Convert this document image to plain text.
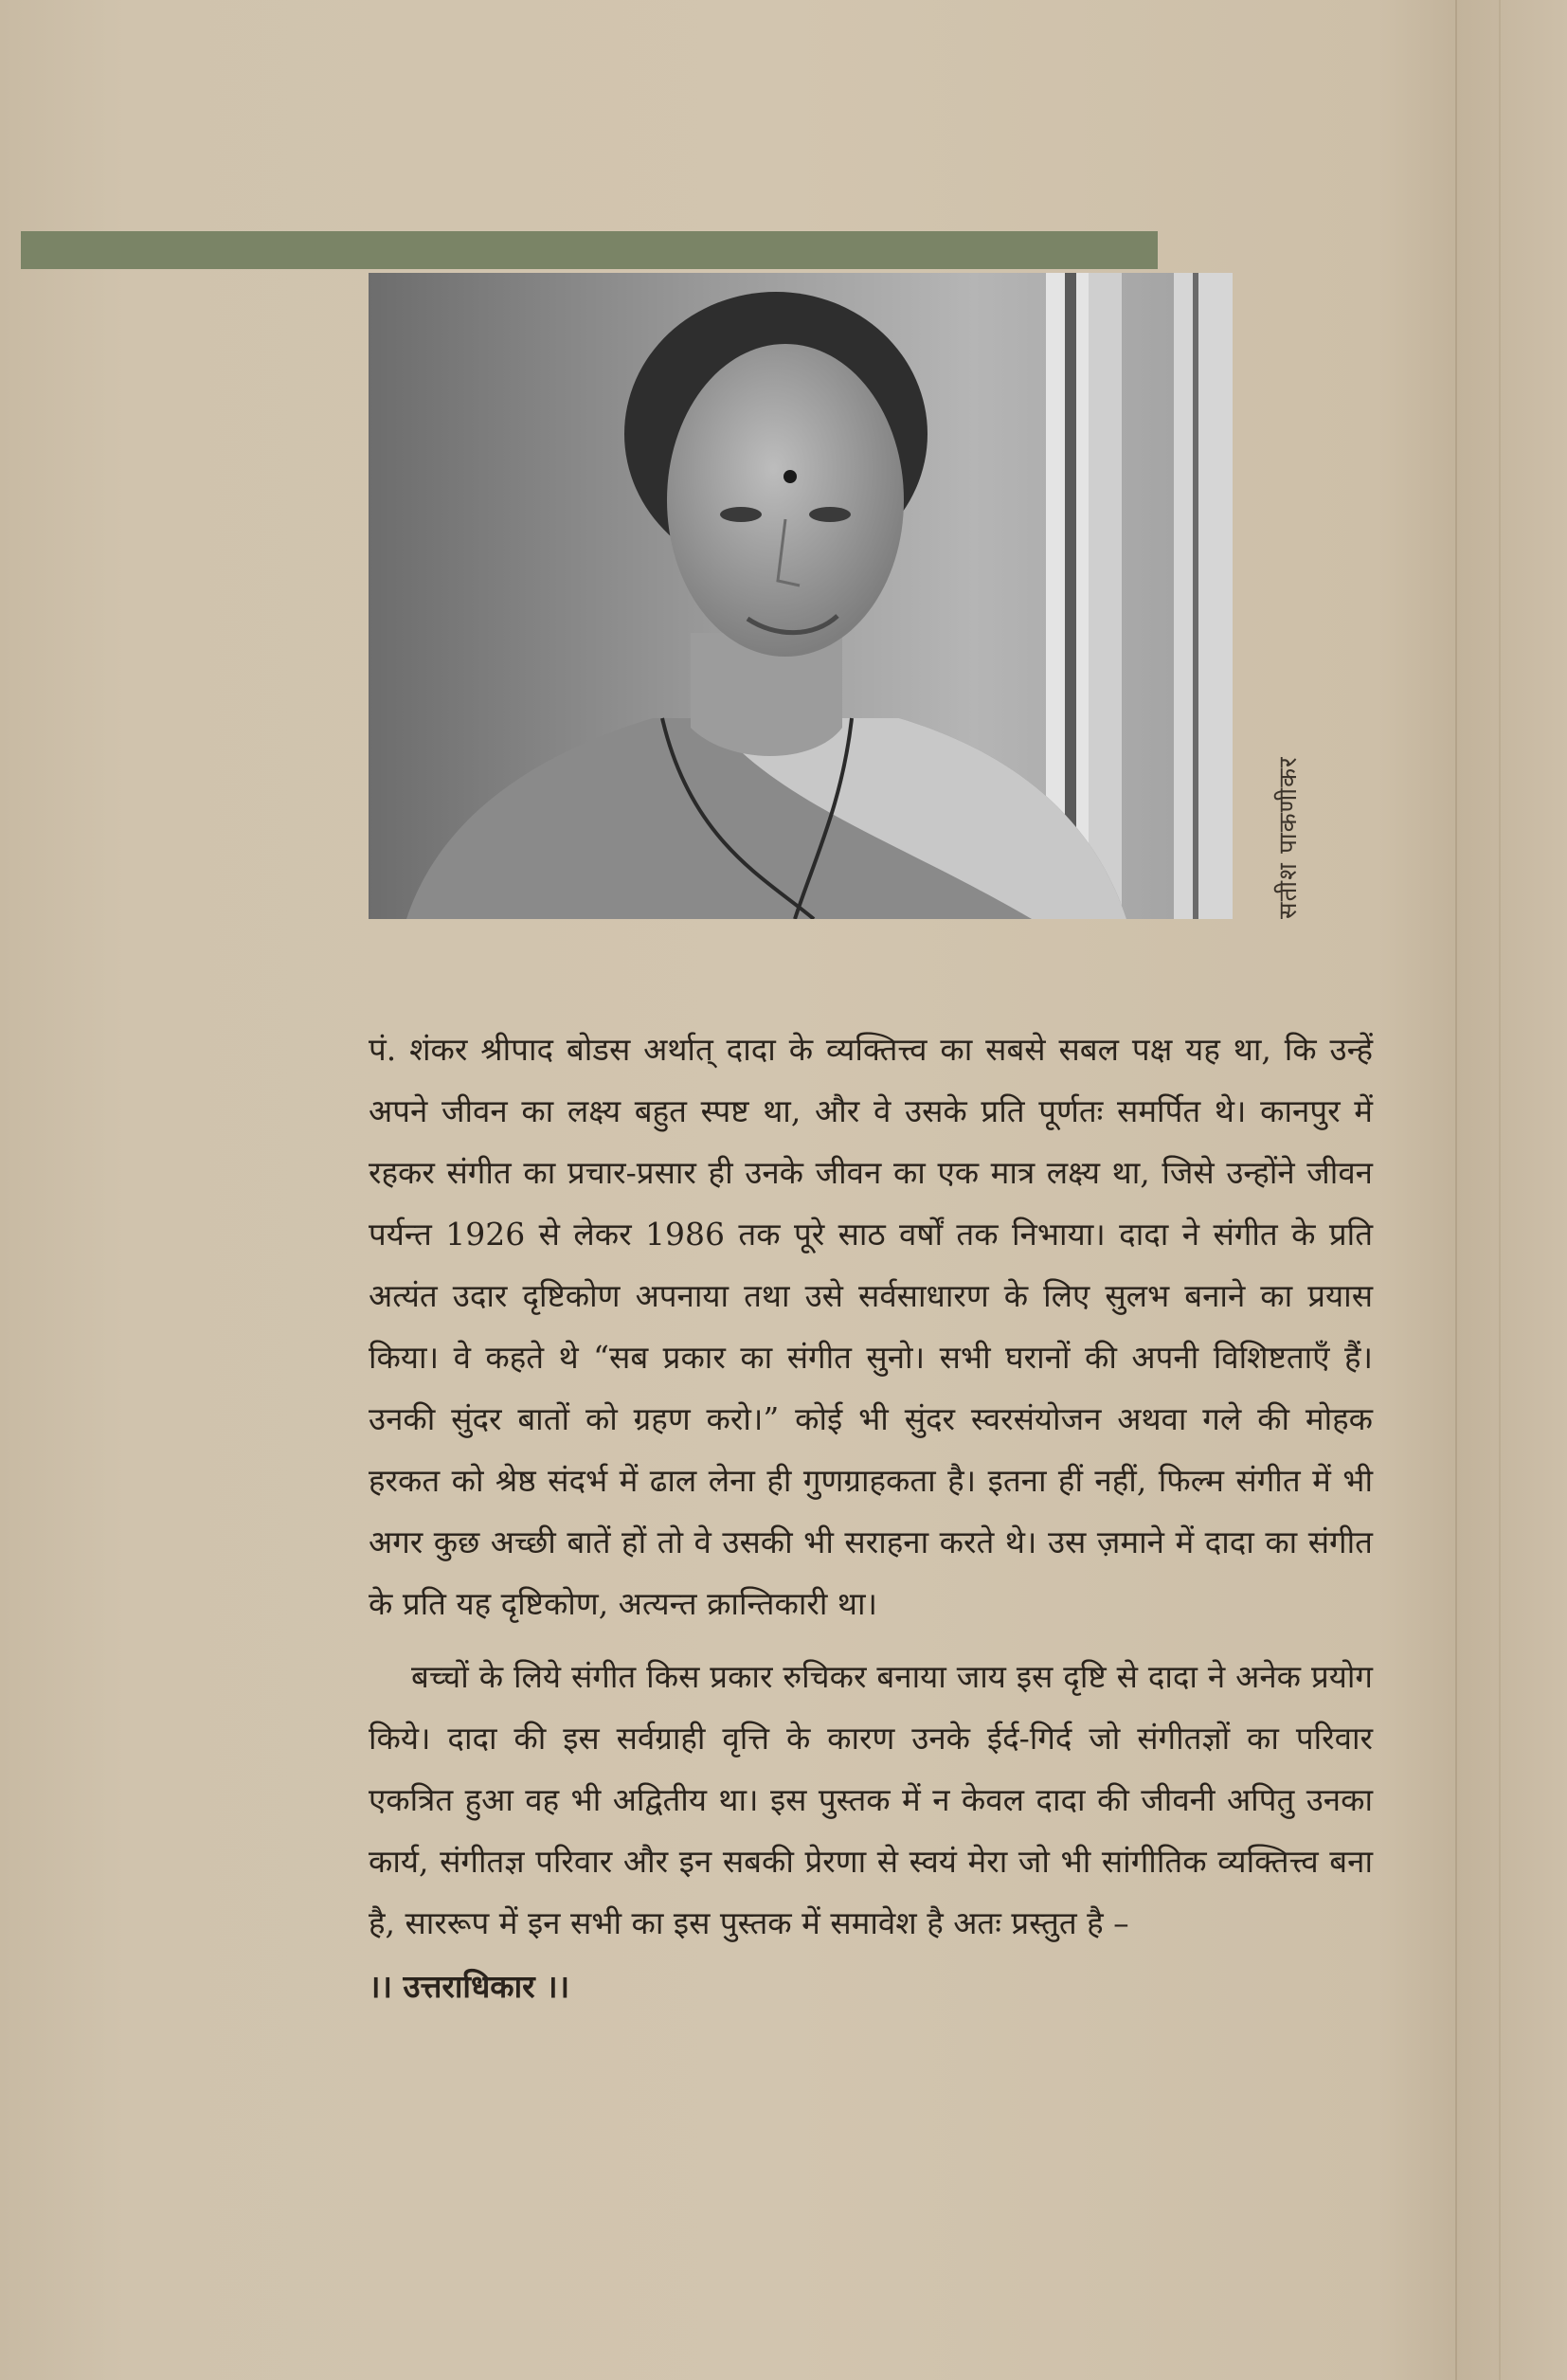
सतीश पाकणीकर

पं. शंकर श्रीपाद बोडस अर्थात् दादा के व्यक्तित्त्व का सबसे सबल पक्ष यह था, कि उन्हें अपने जीवन का लक्ष्य बहुत स्पष्ट था, और वे उसके प्रति पूर्णतः समर्पित थे। कानपुर में रहकर संगीत का प्रचार-प्रसार ही उनके जीवन का एक मात्र लक्ष्य था, जिसे उन्होंने जीवन पर्यन्त 1926 से लेकर 1986 तक पूरे साठ वर्षों तक निभाया। दादा ने संगीत के प्रति अत्यंत उदार दृष्टिकोण अपनाया तथा उसे सर्वसाधारण के लिए सुलभ बनाने का प्रयास किया। वे कहते थे “सब प्रकार का संगीत सुनो। सभी घरानों की अपनी विशिष्टताएँ हैं। उनकी सुंदर बातों को ग्रहण करो।” कोई भी सुंदर स्वरसंयोजन अथवा गले की मोहक हरकत को श्रेष्ठ संदर्भ में ढाल लेना ही गुणग्राहकता है। इतना हीं नहीं, फिल्म संगीत में भी अगर कुछ अच्छी बातें हों तो वे उसकी भी सराहना करते थे। उस ज़माने में दादा का संगीत के प्रति यह दृष्टिकोण, अत्यन्त क्रान्तिकारी था।

बच्चों के लिये संगीत किस प्रकार रुचिकर बनाया जाय इस दृष्टि से दादा ने अनेक प्रयोग किये। दादा की इस सर्वग्राही वृत्ति के कारण उनके ईर्द-गिर्द जो संगीतज्ञों का परिवार एकत्रित हुआ वह भी अद्वितीय था। इस पुस्तक में न केवल दादा की जीवनी अपितु उनका कार्य, संगीतज्ञ परिवार और इन सबकी प्रेरणा से स्वयं मेरा जो भी सांगीतिक व्यक्तित्त्व बना है, साररूप में इन सभी का इस पुस्तक में समावेश है अतः प्रस्तुत है –

।। उत्तराधिकार ।।
